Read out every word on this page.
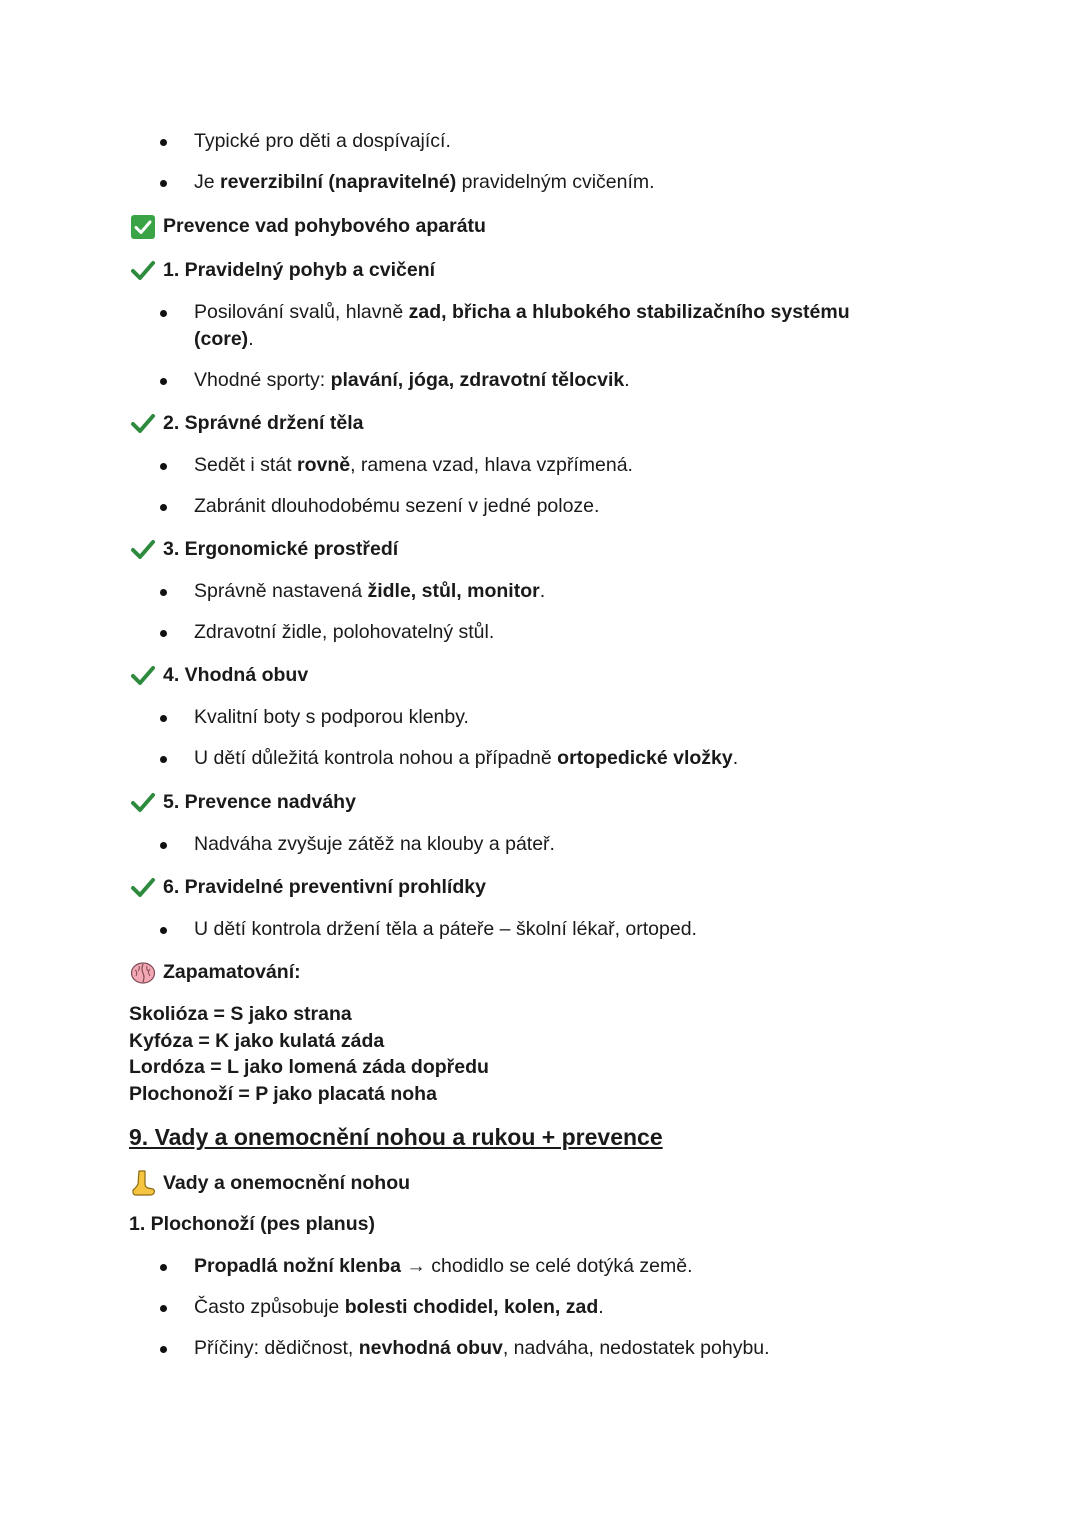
Typické pro děti a dospívající.
Je reverzibilní (napravitelné) pravidelným cvičením.
Prevence vad pohybového aparátu
1. Pravidelný pohyb a cvičení
Posilování svalů, hlavně zad, břicha a hlubokého stabilizačního systému (core).
Vhodné sporty: plavání, jóga, zdravotní tělocvik.
2. Správné držení těla
Sedět i stát rovně, ramena vzad, hlava vzpřímená.
Zabránit dlouhodobému sezení v jedné poloze.
3. Ergonomické prostředí
Správně nastavená židle, stůl, monitor.
Zdravotní židle, polohovatelný stůl.
4. Vhodná obuv
Kvalitní boty s podporou klenby.
U dětí důležitá kontrola nohou a případně ortopedické vložky.
5. Prevence nadváhy
Nadváha zvyšuje zátěž na klouby a páteř.
6. Pravidelné preventivní prohlídky
U dětí kontrola držení těla a páteře – školní lékař, ortoped.
Zapamatování:
Skolióza = S jako strana
Kyfóza = K jako kulatá záda
Lordóza = L jako lomená záda dopředu
Plochonoží = P jako placatá noha
9. Vady a onemocnění nohou a rukou + prevence
Vady a onemocnění nohou
1. Plochonoží (pes planus)
Propadlá nožní klenba → chodidlo se celé dotýká země.
Často způsobuje bolesti chodidel, kolen, zad.
Příčiny: dědičnost, nevhodná obuv, nadváha, nedostatek pohybu.
